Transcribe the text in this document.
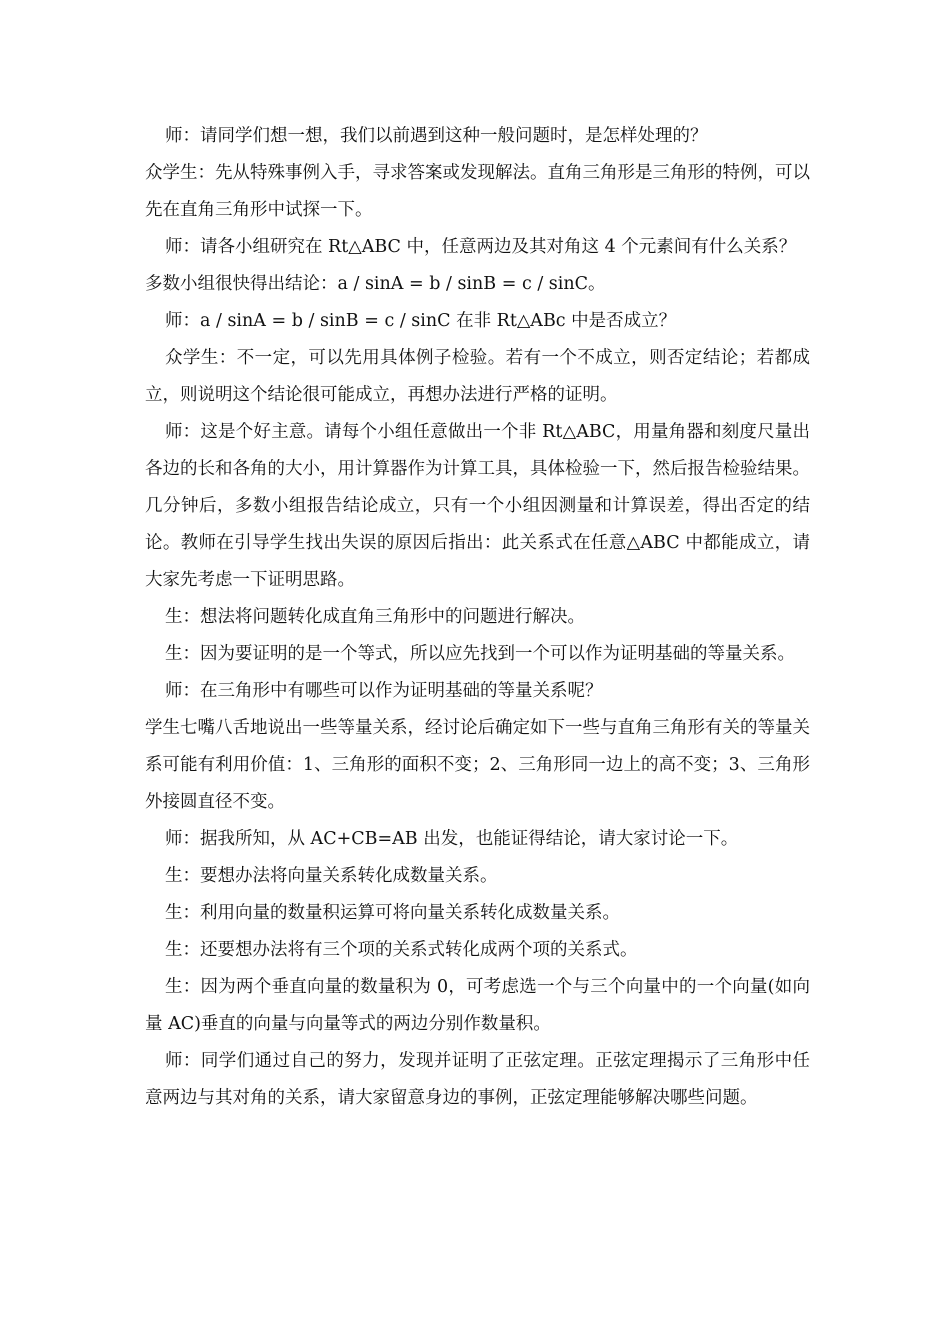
师：请同学们想一想，我们以前遇到这种一般问题时，是怎样处理的？

众学生：先从特殊事例入手，寻求答案或发现解法。直角三角形是三角形的特例，可以先在直角三角形中试探一下。

师：请各小组研究在 Rt△ABC 中，任意两边及其对角这 4 个元素间有什么关系？

多数小组很快得出结论：a / sinA = b / sinB = c / sinC。

师：a / sinA = b / sinB = c / sinC 在非 Rt△ABc 中是否成立？

众学生：不一定，可以先用具体例子检验。若有一个不成立，则否定结论；若都成立，则说明这个结论很可能成立，再想办法进行严格的证明。

师：这是个好主意。请每个小组任意做出一个非 Rt△ABC，用量角器和刻度尺量出各边的长和各角的大小，用计算器作为计算工具，具体检验一下，然后报告检验结果。

几分钟后，多数小组报告结论成立，只有一个小组因测量和计算误差，得出否定的结论。教师在引导学生找出失误的原因后指出：此关系式在任意△ABC 中都能成立，请大家先考虑一下证明思路。

生：想法将问题转化成直角三角形中的问题进行解决。

生：因为要证明的是一个等式，所以应先找到一个可以作为证明基础的等量关系。

师：在三角形中有哪些可以作为证明基础的等量关系呢？

学生七嘴八舌地说出一些等量关系，经讨论后确定如下一些与直角三角形有关的等量关系可能有利用价值：1、三角形的面积不变；2、三角形同一边上的高不变；3、三角形外接圆直径不变。

师：据我所知，从 AC+CB=AB 出发，也能证得结论，请大家讨论一下。

生：要想办法将向量关系转化成数量关系。

生：利用向量的数量积运算可将向量关系转化成数量关系。

生：还要想办法将有三个项的关系式转化成两个项的关系式。

生：因为两个垂直向量的数量积为 0，可考虑选一个与三个向量中的一个向量(如向量 AC)垂直的向量与向量等式的两边分别作数量积。

师：同学们通过自己的努力，发现并证明了正弦定理。正弦定理揭示了三角形中任意两边与其对角的关系，请大家留意身边的事例，正弦定理能够解决哪些问题。
